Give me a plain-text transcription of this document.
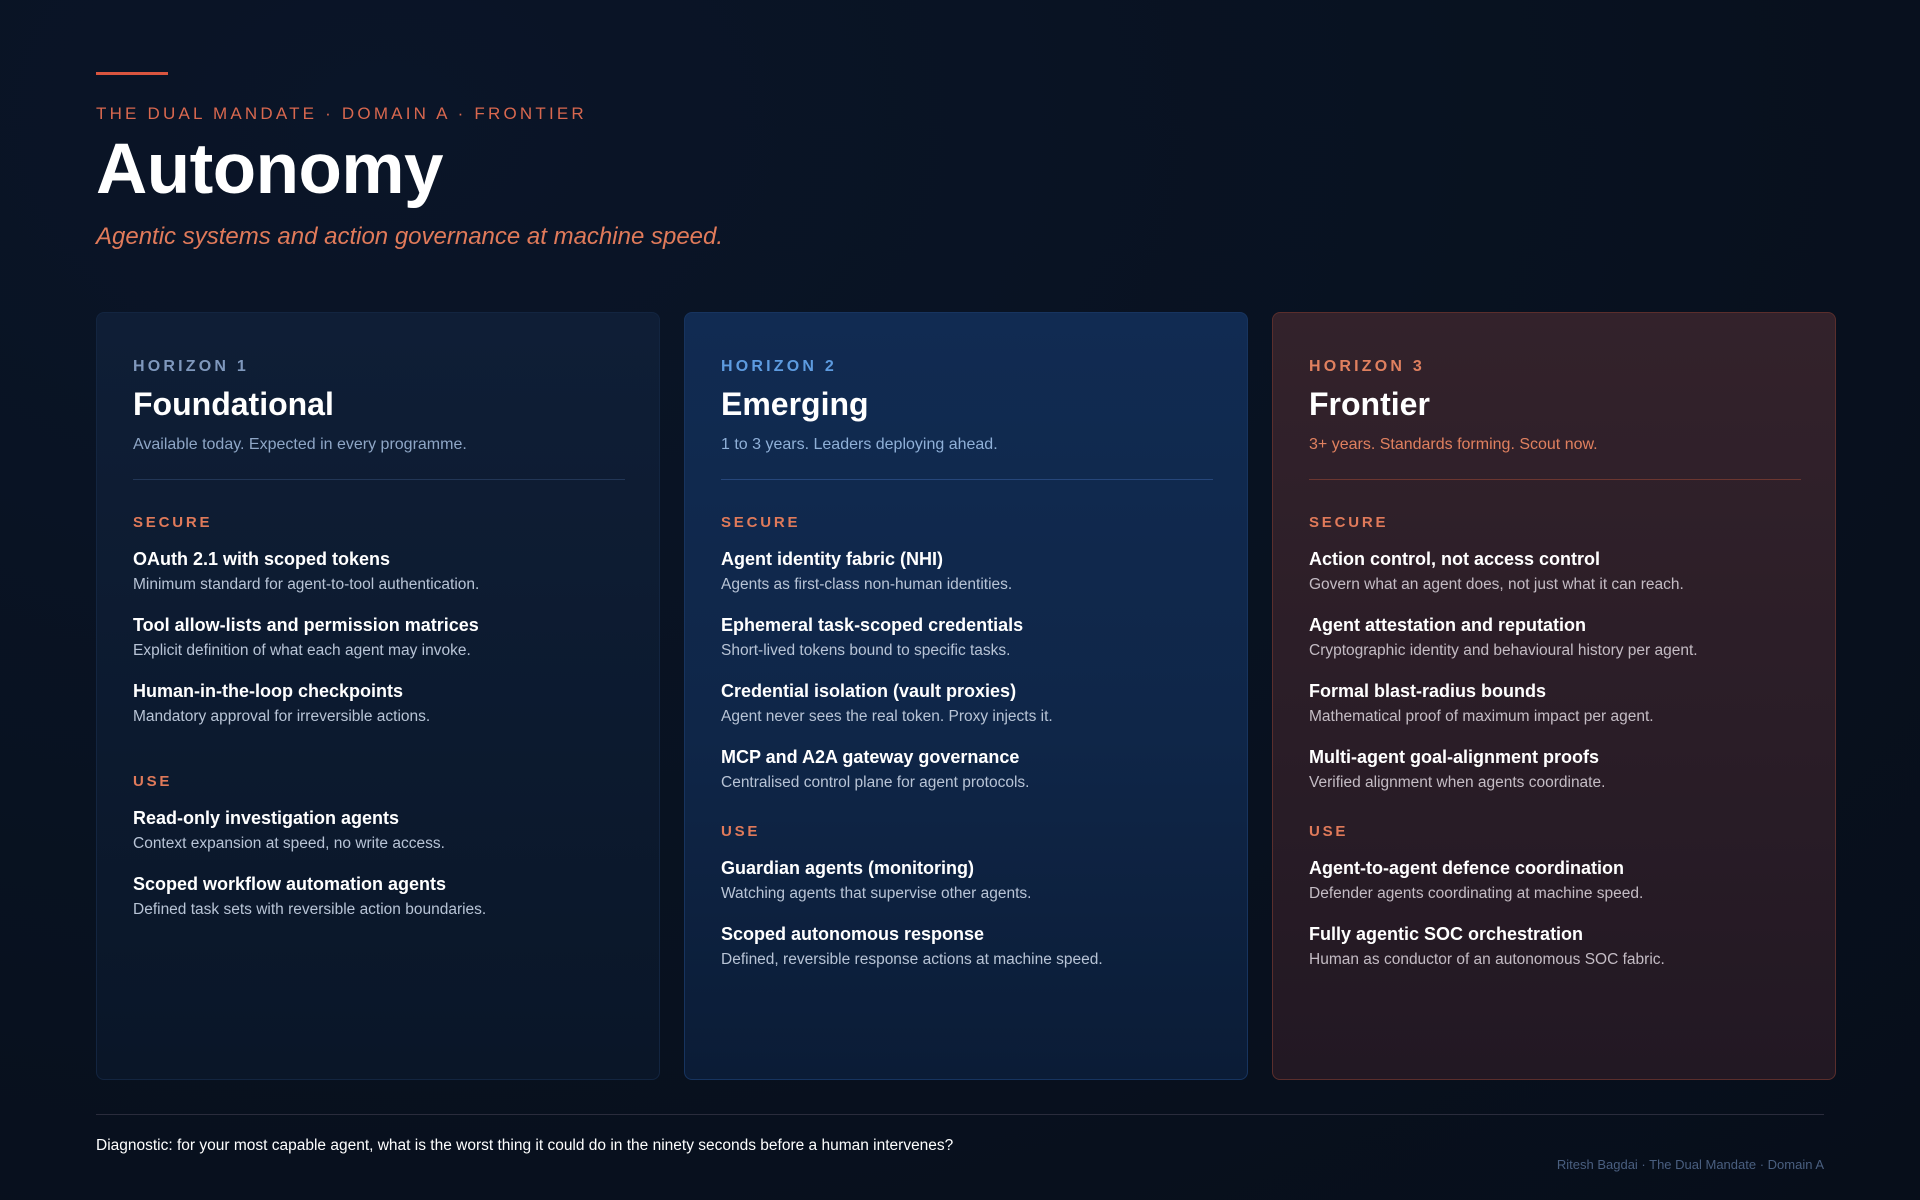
THE DUAL MANDATE · DOMAIN A · FRONTIER
Autonomy
Agentic systems and action governance at machine speed.
HORIZON 1
Foundational
Available today. Expected in every programme.
SECURE
OAuth 2.1 with scoped tokens
Minimum standard for agent-to-tool authentication.
Tool allow-lists and permission matrices
Explicit definition of what each agent may invoke.
Human-in-the-loop checkpoints
Mandatory approval for irreversible actions.
USE
Read-only investigation agents
Context expansion at speed, no write access.
Scoped workflow automation agents
Defined task sets with reversible action boundaries.
HORIZON 2
Emerging
1 to 3 years. Leaders deploying ahead.
SECURE
Agent identity fabric (NHI)
Agents as first-class non-human identities.
Ephemeral task-scoped credentials
Short-lived tokens bound to specific tasks.
Credential isolation (vault proxies)
Agent never sees the real token. Proxy injects it.
MCP and A2A gateway governance
Centralised control plane for agent protocols.
USE
Guardian agents (monitoring)
Watching agents that supervise other agents.
Scoped autonomous response
Defined, reversible response actions at machine speed.
HORIZON 3
Frontier
3+ years. Standards forming. Scout now.
SECURE
Action control, not access control
Govern what an agent does, not just what it can reach.
Agent attestation and reputation
Cryptographic identity and behavioural history per agent.
Formal blast-radius bounds
Mathematical proof of maximum impact per agent.
Multi-agent goal-alignment proofs
Verified alignment when agents coordinate.
USE
Agent-to-agent defence coordination
Defender agents coordinating at machine speed.
Fully agentic SOC orchestration
Human as conductor of an autonomous SOC fabric.
Diagnostic: for your most capable agent, what is the worst thing it could do in the ninety seconds before a human intervenes?
Ritesh Bagdai · The Dual Mandate · Domain A
